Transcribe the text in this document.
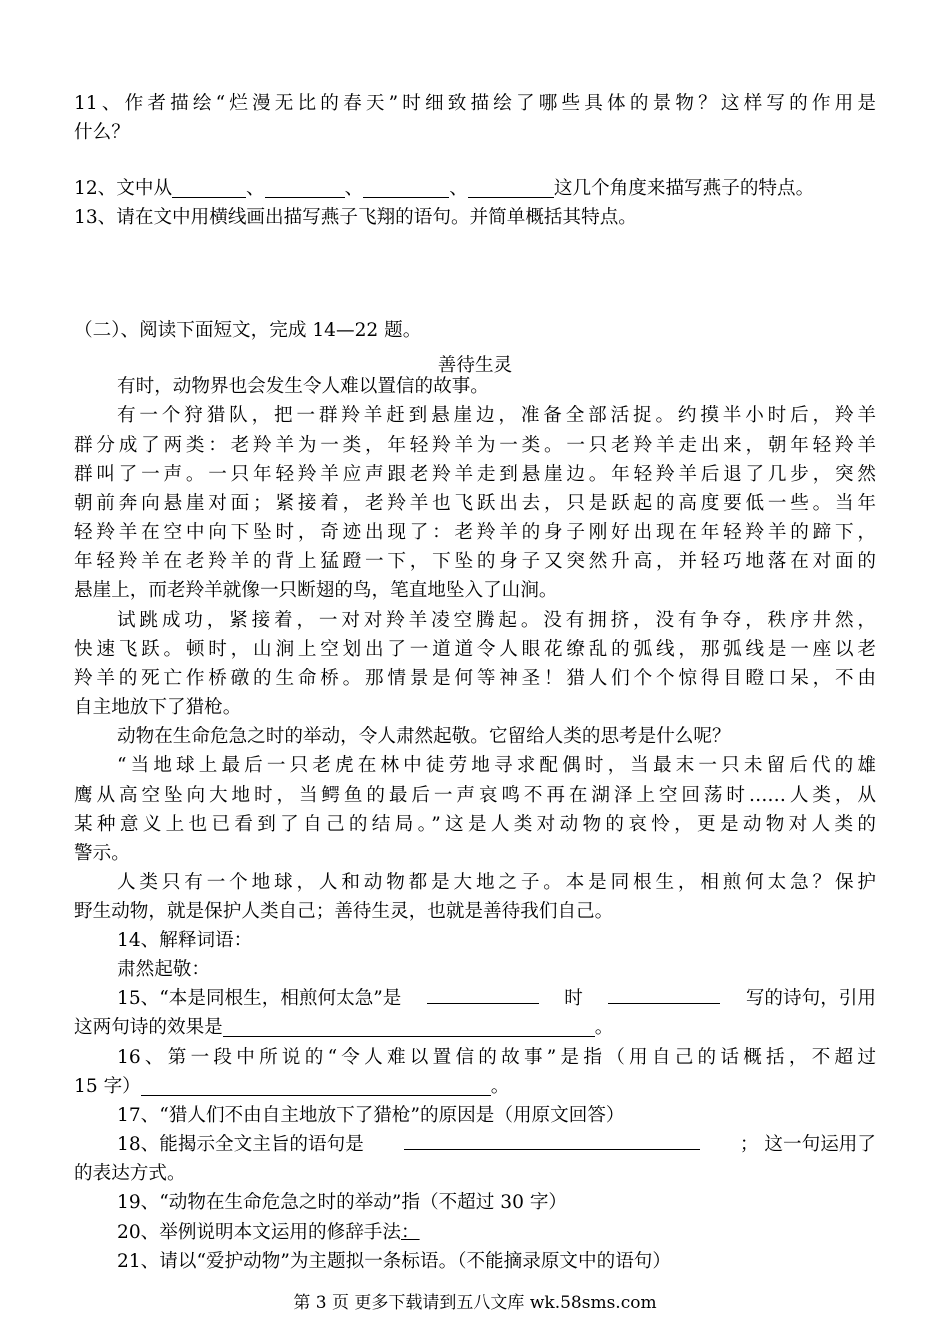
11、作者描绘“烂漫无比的春天”时细致描绘了哪些具体的景物？这样写的作用是
什么？
12、文中从	、	、	、	这几个角度来描写燕子的特点。
13、请在文中用横线画出描写燕子飞翔的语句。并简单概括其特点。
（二）、阅读下面短文，完成 14—22 题。
善待生灵
有时，动物界也会发生令人难以置信的故事。
有一个狩猎队，把一群羚羊赶到悬崖边，准备全部活捉。约摸半小时后，羚羊
群分成了两类：老羚羊为一类，年轻羚羊为一类。一只老羚羊走出来，朝年轻羚羊
群叫了一声。一只年轻羚羊应声跟老羚羊走到悬崖边。年轻羚羊后退了几步，突然
朝前奔向悬崖对面；紧接着，老羚羊也飞跃出去，只是跃起的高度要低一些。当年
轻羚羊在空中向下坠时，奇迹出现了：老羚羊的身子刚好出现在年轻羚羊的蹄下，
年轻羚羊在老羚羊的背上猛蹬一下，下坠的身子又突然升高，并轻巧地落在对面的
悬崖上，而老羚羊就像一只断翅的鸟，笔直地坠入了山涧。
试跳成功，紧接着，一对对羚羊凌空腾起。没有拥挤，没有争夺，秩序井然，
快速飞跃。顿时，山涧上空划出了一道道令人眼花缭乱的弧线，那弧线是一座以老
羚羊的死亡作桥礅的生命桥。那情景是何等神圣！猎人们个个惊得目瞪口呆，不由
自主地放下了猎枪。
动物在生命危急之时的举动，令人肃然起敬。它留给人类的思考是什么呢？
“当地球上最后一只老虎在林中徒劳地寻求配偶时，当最末一只未留后代的雄
鹰从高空坠向大地时，当鳄鱼的最后一声哀鸣不再在湖泽上空回荡时……人类，从
某种意义上也已看到了自己的结局。”这是人类对动物的哀怜，更是动物对人类的
警示。
人类只有一个地球，人和动物都是大地之子。本是同根生，相煎何太急？保护
野生动物，就是保护人类自己；善待生灵，也就是善待我们自己。
14、解释词语：
肃然起敬：
15、“本是同根生，相煎何太急”是	时	写的诗句，引用
这两句诗的效果是	。
16、第一段中所说的“令人难以置信的故事”是指（用自己的话概括，不超过
15 字）	。
17、“猎人们不由自主地放下了猎枪”的原因是（用原文回答）
18、能揭示全文主旨的语句是	； 这一句运用了
的表达方式。
19、“动物在生命危急之时的举动”指（不超过 30 字）
20、举例说明本文运用的修辞手法：
21、请以“爱护动物”为主题拟一条标语。（不能摘录原文中的语句）
第 3 页 更多下载请到五八文库 wk.58sms.com
